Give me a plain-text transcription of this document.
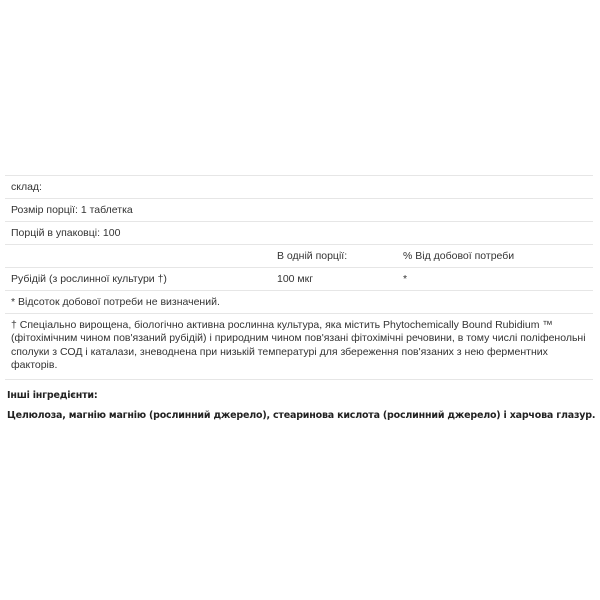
склад:		
Розмір порції: 1 таблетка		
Порцій в упаковці: 100		
	В одній порції:	% Від добової потреби
Рубідій (з рослинної культури †)	100 мкг	*
* Відсоток добової потреби не визначений.		
† Спеціально вирощена, біологічно активна рослинна культура, яка містить Phytochemically Bound Rubidium ™ (фітохімічним чином пов'язаний рубідій) і природним чином пов'язані фітохімічні речовини, в тому числі поліфенольні сполуки з СОД і каталази, зневоднена при низькій температурі для збереження пов'язаних з нею ферментних факторів.		
Інші інгредієнти:
Целюлоза, магнію магнію (рослинний джерело), стеаринова кислота (рослинний джерело) і харчова глазур.
